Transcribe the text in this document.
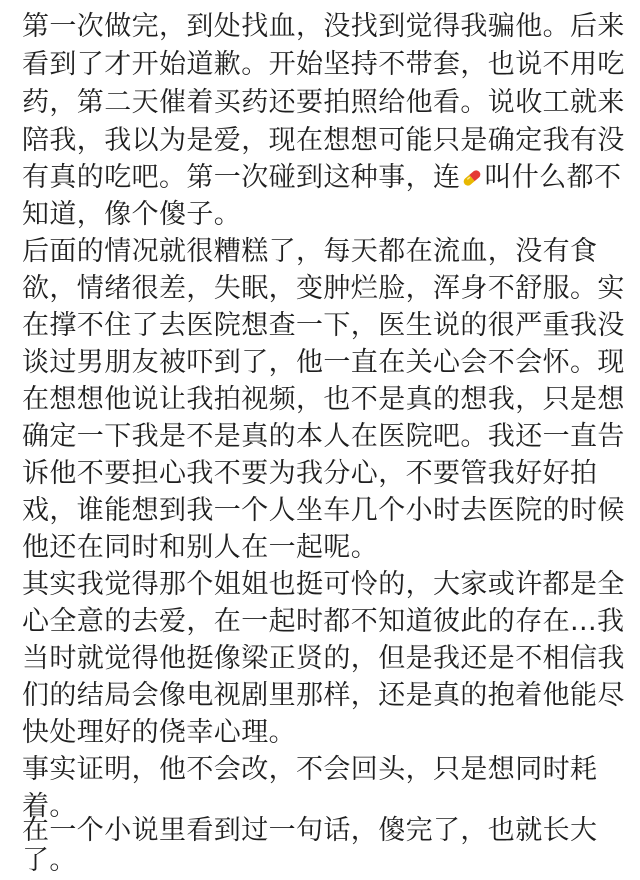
第一次做完，到处找血，没找到觉得我骗他。后来
看到了才开始道歉。开始坚持不带套，也说不用吃
药，第二天催着买药还要拍照给他看。说收工就来
陪我，我以为是爱，现在想想可能只是确定我有没
有真的吃吧。第一次碰到这种事，连 叫什么都不
知道，像个傻子。
后面的情况就很糟糕了，每天都在流血，没有食
欲，情绪很差，失眠，变肿烂脸，浑身不舒服。实
在撑不住了去医院想查一下，医生说的很严重我没
谈过男朋友被吓到了，他一直在关心会不会怀。现
在想想他说让我拍视频，也不是真的想我，只是想
确定一下我是不是真的本人在医院吧。我还一直告
诉他不要担心我不要为我分心，不要管我好好拍
戏，谁能想到我一个人坐车几个小时去医院的时候
他还在同时和别人在一起呢。
其实我觉得那个姐姐也挺可怜的，大家或许都是全
心全意的去爱，在一起时都不知道彼此的存在...我
当时就觉得他挺像梁正贤的，但是我还是不相信我
们的结局会像电视剧里那样，还是真的抱着他能尽
快处理好的侥幸心理。
事实证明，他不会改，不会回头，只是想同时耗
着。
在一个小说里看到过一句话，傻完了，也就长大
了。
